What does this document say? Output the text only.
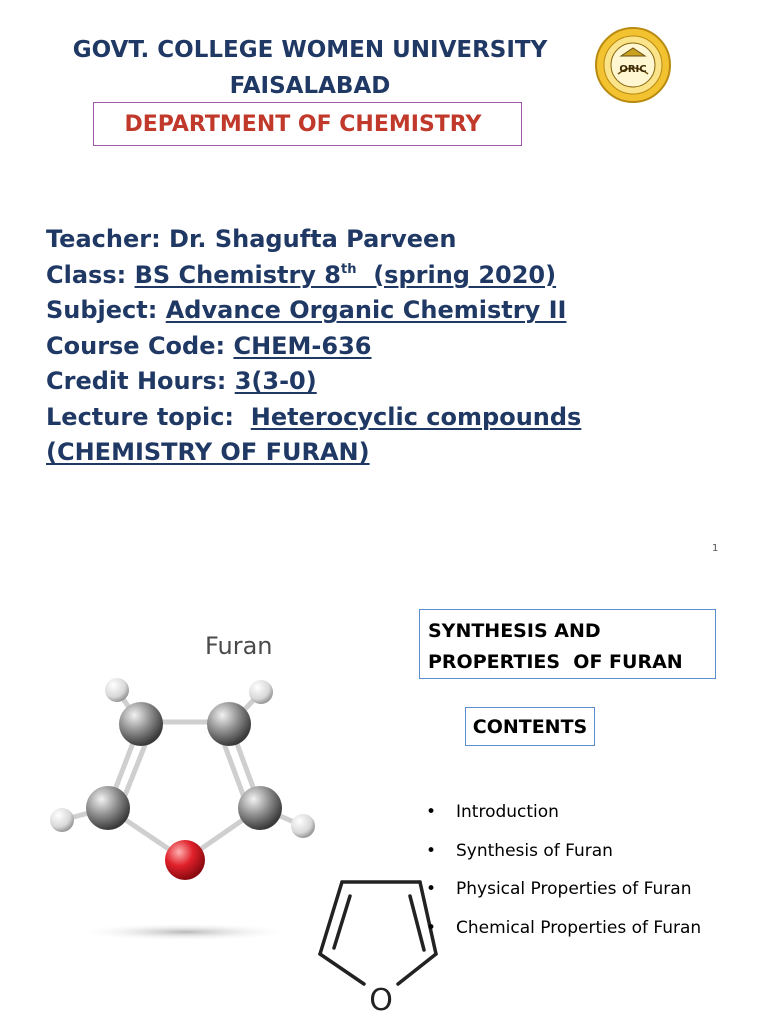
GOVT. COLLEGE WOMEN UNIVERSITY
FAISALABAD
DEPARTMENT OF CHEMISTRY
ORIC
Teacher: Dr. Shagufta Parveen
Class: BS Chemistry 8th  (spring 2020)
Subject: Advance Organic Chemistry II
Course Code: CHEM-636
Credit Hours: 3(3-0)
Lecture topic:  Heterocyclic compounds
(CHEMISTRY OF FURAN)
1
Furan
O
SYNTHESIS AND
PROPERTIES  OF FURAN
CONTENTS
• Introduction
• Synthesis of Furan
• Physical Properties of Furan
• Chemical Properties of Furan
